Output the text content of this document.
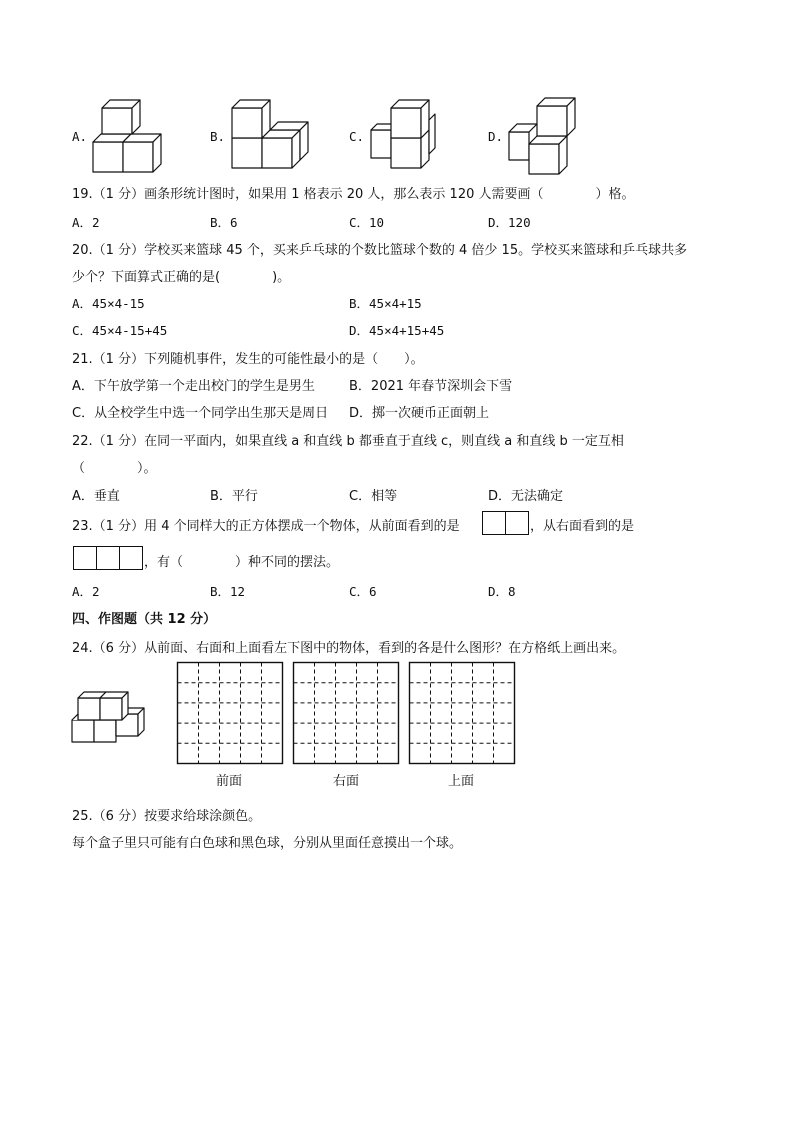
A.	B.	C.	D.
19.（1 分）画条形统计图时，如果用 1 格表示 20 人，那么表示 120 人需要画（　　　　）格。
A．2	B．6	C．10	D．120
20.（1 分）学校买来篮球 45 个，买来乒乓球的个数比篮球个数的 4 倍少 15。学校买来篮球和乒乓球共多
少个？下面算式正确的是(　　　　)。
A．45×4-15	B．45×4+15
C．45×4-15+45	D．45×4+15+45
21.（1 分）下列随机事件，发生的可能性最小的是（　　）。
A．下午放学第一个走出校门的学生是男生	B．2021 年春节深圳会下雪
C．从全校学生中选一个同学出生那天是周日 D．掷一次硬币正面朝上
22.（1 分）在同一平面内，如果直线 a 和直线 b 都垂直于直线 c，则直线 a 和直线 b 一定互相
（　　　　）。
A．垂直	B．平行	C．相等	D．无法确定
23.（1 分）用 4 个同样大的正方体摆成一个物体，从前面看到的是	，从右面看到的是
，有（　　　　）种不同的摆法。
A．2	B．12	C．6	D．8
四、作图题（共 12 分）
24.（6 分）从前面、右面和上面看左下图中的物体，看到的各是什么图形？在方格纸上画出来。
前面	右面	上面
25.（6 分）按要求给球涂颜色。
每个盒子里只可能有白色球和黑色球，分别从里面任意摸出一个球。
